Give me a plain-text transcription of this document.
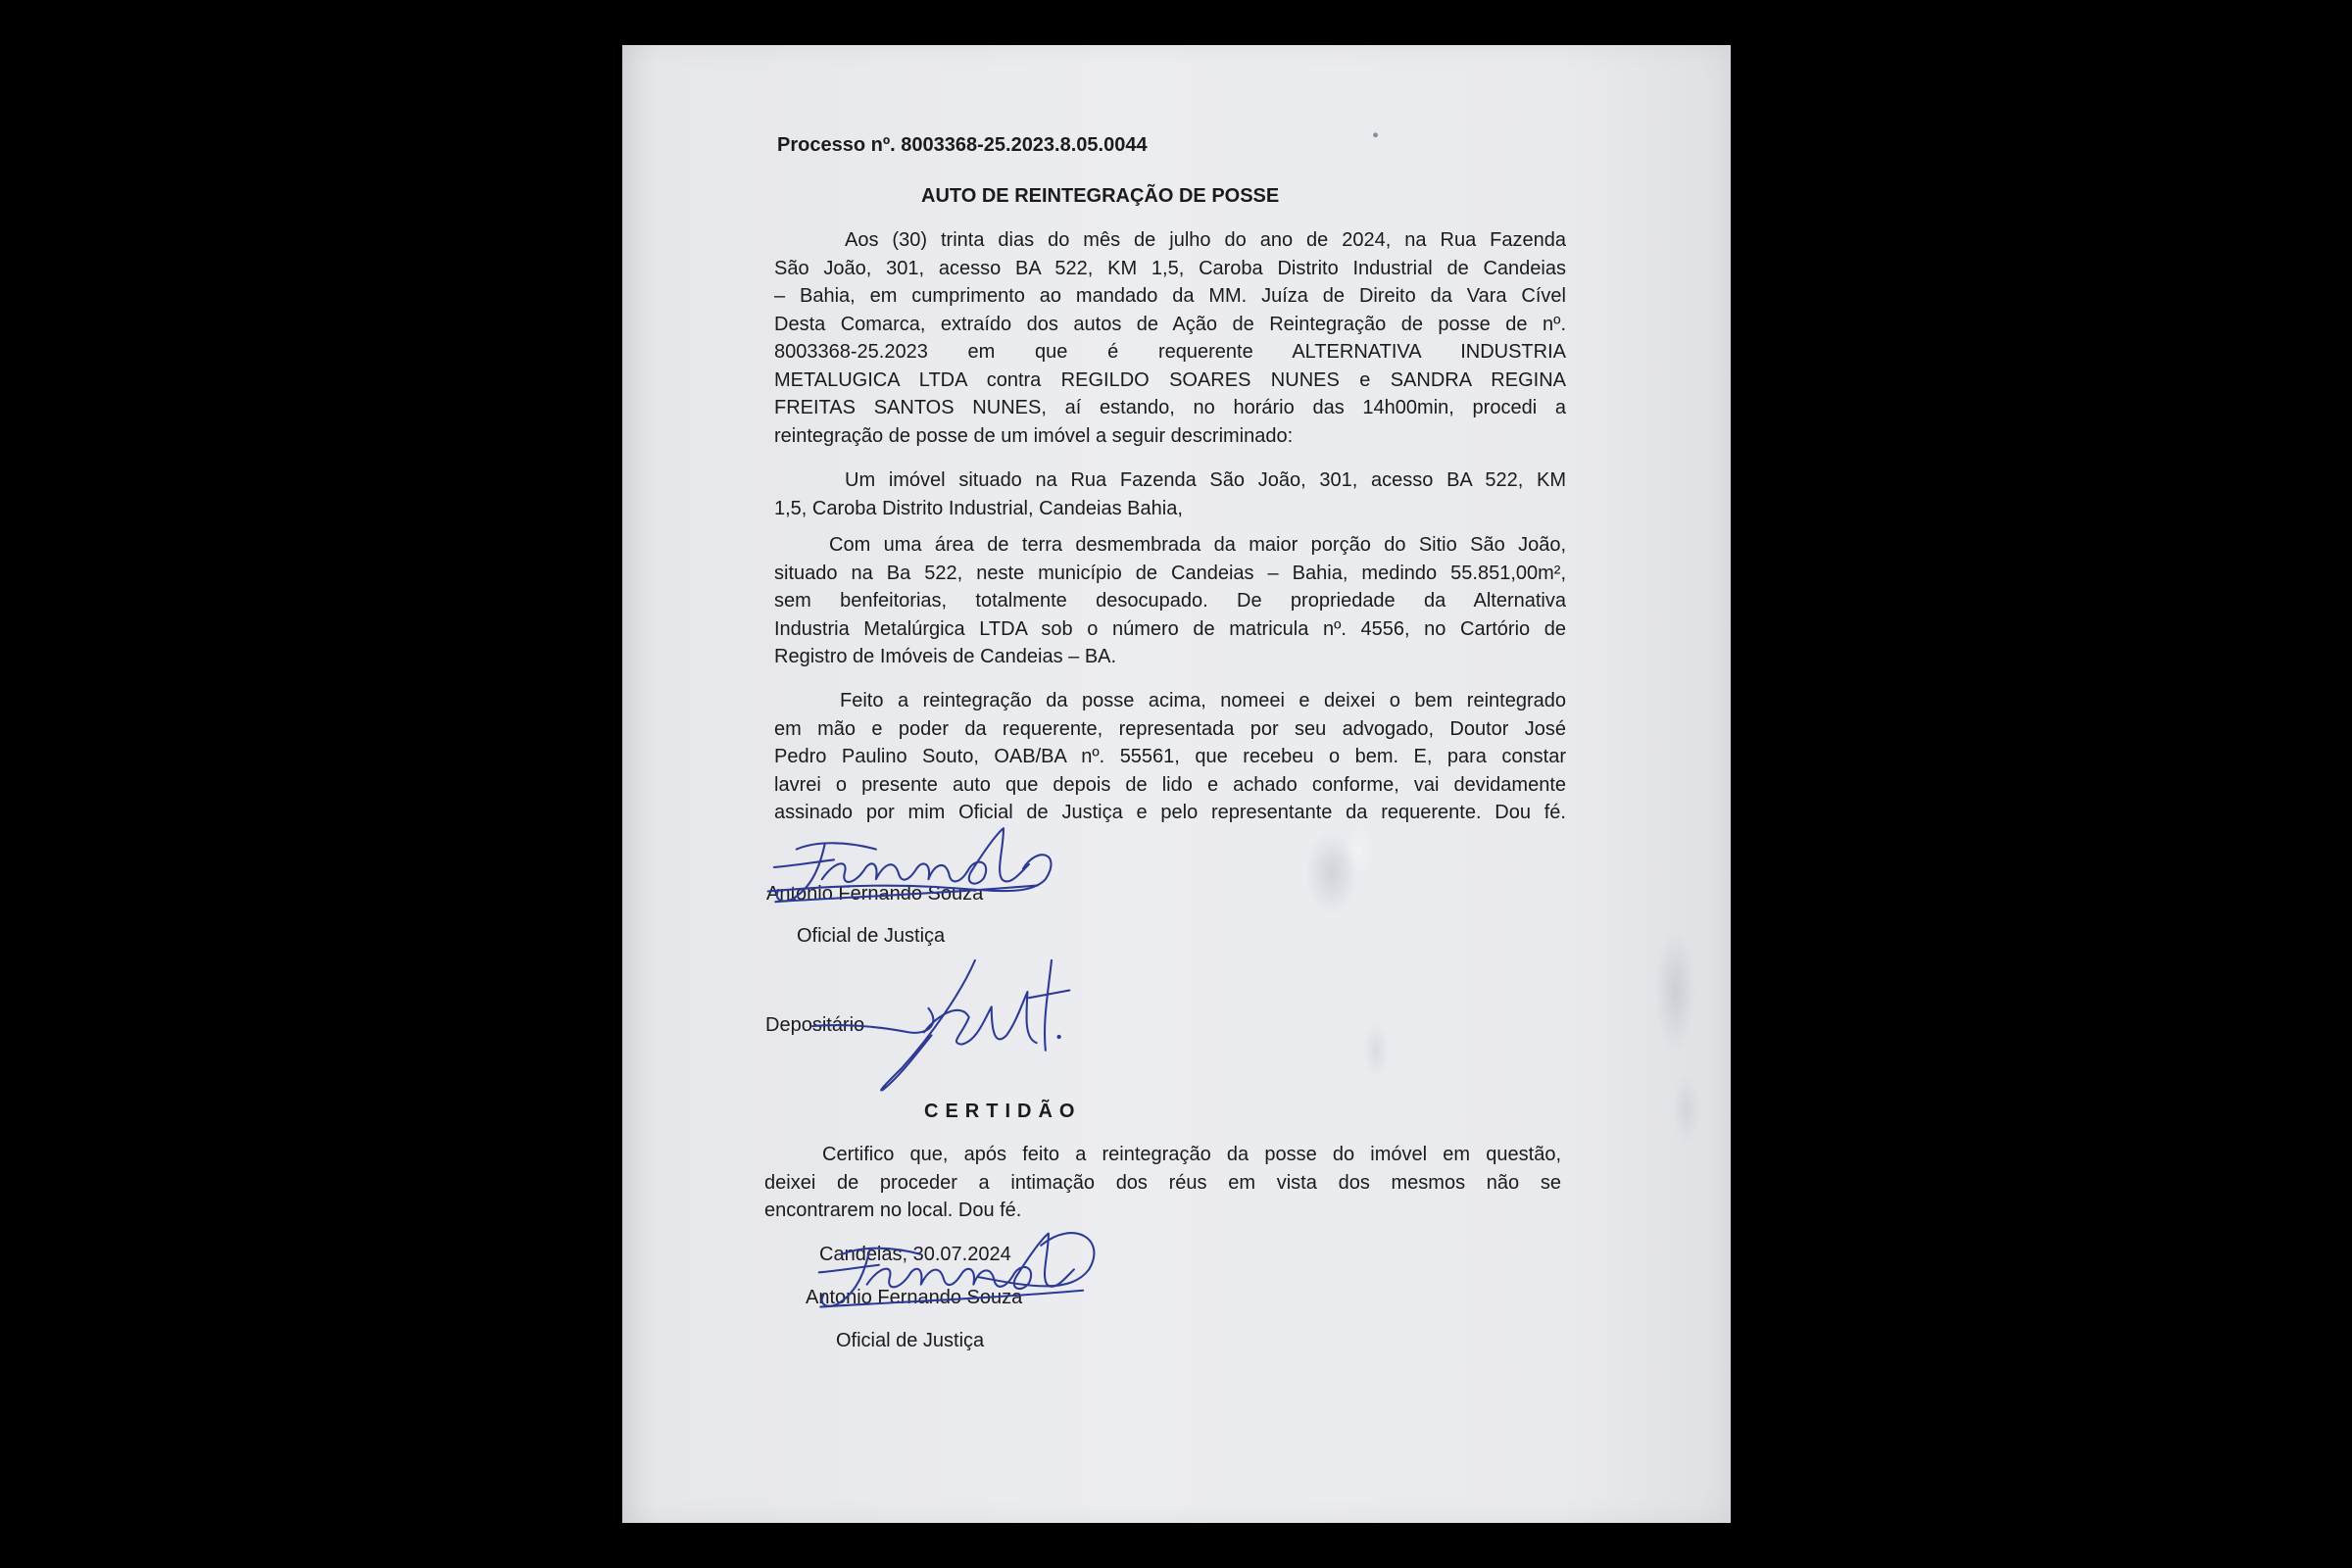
Processo nº. 8003368-25.2023.8.05.0044
AUTO DE REINTEGRAÇÃO DE POSSE
Aos (30) trinta dias do mês de julho do ano de 2024, na Rua Fazenda
São João, 301, acesso BA 522, KM 1,5, Caroba Distrito Industrial de Candeias
– Bahia, em cumprimento ao mandado da MM. Juíza de Direito da Vara Cível
Desta Comarca, extraído dos autos de Ação de Reintegração de posse de nº.
8003368-25.2023 em que é requerente ALTERNATIVA INDUSTRIA
METALUGICA LTDA contra REGILDO SOARES NUNES e SANDRA REGINA
FREITAS SANTOS NUNES, aí estando, no horário das 14h00min, procedi a
reintegração de posse de um imóvel a seguir descriminado:
Um imóvel situado na Rua Fazenda São João, 301, acesso BA 522, KM
1,5, Caroba Distrito Industrial, Candeias Bahia,
Com uma área de terra desmembrada da maior porção do Sitio São João,
situado na Ba 522, neste município de Candeias – Bahia, medindo 55.851,00m²,
sem benfeitorias, totalmente desocupado. De propriedade da Alternativa
Industria Metalúrgica LTDA sob o número de matricula nº. 4556, no Cartório de
Registro de Imóveis de Candeias – BA.
Feito a reintegração da posse acima, nomeei e deixei o bem reintegrado
em mão e poder da requerente, representada por seu advogado, Doutor José
Pedro Paulino Souto, OAB/BA nº. 55561, que recebeu o bem. E, para constar
lavrei o presente auto que depois de lido e achado conforme, vai devidamente
assinado por mim Oficial de Justiça e pelo representante da requerente. Dou fé.
Antonio Fernando Souza
Oficial de Justiça
Depositário
CERTIDÃO
Certifico que, após feito a reintegração da posse do imóvel em questão,
deixei de proceder a intimação dos réus em vista dos mesmos não se
encontrarem no local. Dou fé.
Candeias, 30.07.2024
Antonio Fernando Souza
Oficial de Justiça
